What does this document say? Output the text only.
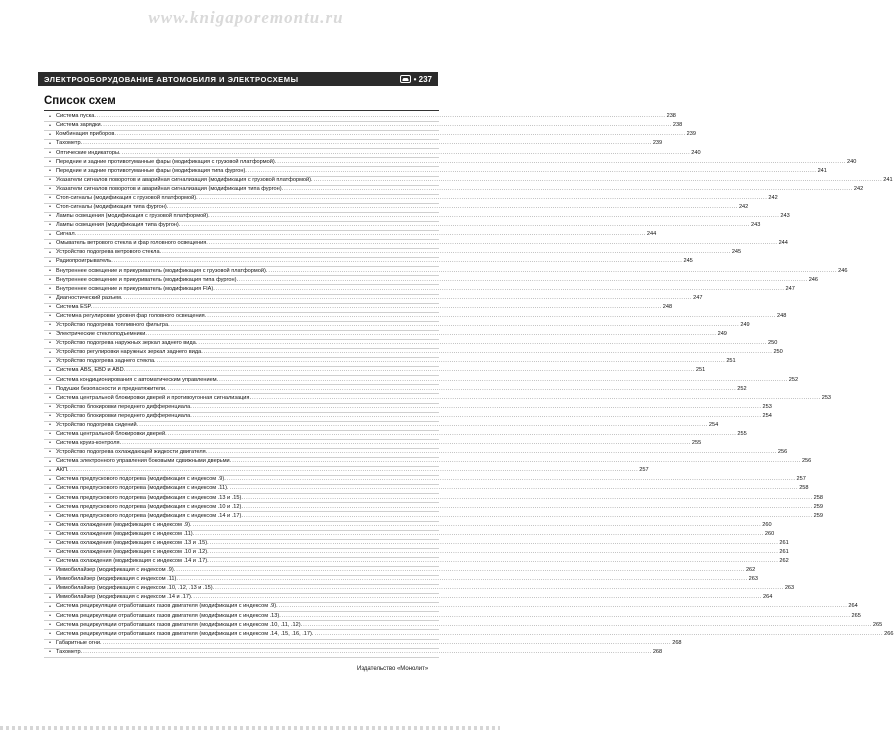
www.knigaporemontu.ru
ЭЛЕКТРООБОРУДОВАНИЕ АВТОМОБИЛЯ И ЭЛЕКТРОСХЕМЫ	• 237
Список схем
• Система пуска. .....	238
• Система зарядки. .....	238
• Комбинация приборов. .....	239
• Тахометр. .....	239
• Оптические индикаторы. .....	240
• Передние и задние противотуманные фары (модификация с грузовой платформой). .....	240
• Передние и задние противотуманные фары (модификация типа фургон). .....	241
• Указатели сигналов поворотов и аварийная сигнализация (модификация с грузовой платформой). .....	241
• Указатели сигналов поворотов и аварийная сигнализация (модификация типа фургон). .....	242
• Стоп-сигналы (модификация с грузовой платформой). .....	242
• Стоп-сигналы (модификация типа фургон). .....	242
• Лампы освещения (модификация с грузовой платформой). .....	243
• Лампы освещения (модификация типа фургон). .....	243
• Сигнал. .....	244
• Омыватель ветрового стекла и фар головного освещения. .....	244
• Устройство подогрева ветрового стекла. .....	245
• Радиопроигрыватель. .....	245
• Внутреннее освещение и прикуриватель (модификация с грузовой платформой). .....	246
• Внутреннее освещение и прикуриватель (модификация типа фургон). .....	246
• Внутреннее освещение и прикуриватель (модификация FIA). .....	247
• Диагностический разъем. .....	247
• Система ESP. .....	248
• Системна регулировки уровня фар головного освещения. .....	248
• Устройство подогрева топливного фильтра. .....	249
• Электрические стеклоподъемники. .....	249
• Устройство подогрева наружных зеркал заднего вида. .....	250
• Устройство регулировки наружных зеркал заднего вида. .....	250
• Устройство подогрева заднего стекла. .....	251
• Система ABS, EBD и ABD. .....	251
• Система кондиционирования с автоматическим управлением. .....	252
• Подушки безопасности и преднатяжители. .....	252
• Система центральной блокировки дверей и противоугонная сигнализация. .....	253
• Устройство блокировки переднего дифференциала. .....	253
• Устройство блокировки переднего дифференциала. .....	254
• Устройство подогрева сидений. .....	254
• Система центральной блокировки дверей. .....	255
• Система круиз-контроля. .....	255
• Устройство подогрева охлаждающей жидкости двигателя. .....	256
• Система электронного управления боковыми сдвижными дверьми. .....	256
• АКП. .....	257
• Система предпускового подогрева (модификация с индексом .9). .....	257
• Система предпускового подогрева (модификация с индексом .11). .....	258
• Система предпускового подогрева (модификация с индексом .13 и .15). .....	258
• Система предпускового подогрева (модификация с индексом .10 и .12). .....	259
• Система предпускового подогрева (модификация с индексом .14 и .17). .....	259
• Система охлаждения (модификация с индексом .9). .....	260
• Система охлаждения (модификация с индексом .11). .....	260
• Система охлаждения (модификация с индексом .13 и .15). .....	261
• Система охлаждения (модификация с индексом .10 и .12). .....	261
• Система охлаждения (модификация с индексом .14 и .17). .....	262
• Иммобилайзер (модификация с индексом .9). .....	262
• Иммобилайзер (модификация с индексом .11). .....	263
• Иммобилайзер (модификация с индексом .10, .12, .13 и .15). .....	263
• Иммобилайзер (модификация с индексом .14 и .17). .....	264
• Система рециркуляции отработавших газов двигателя (модификация с индексом .9). .....	264
• Система рециркуляции отработавших газов двигателя (модификация с индексом .13). .....	265
• Система рециркуляции отработавших газов двигателя (модификация с индексом .10, .11, .12). .....	265
• Система рециркуляции отработавших газов двигателя (модификация с индексом .14, .15, .16, .17). .....	266
• Габаритные огни. .....	268
• Тахометр. .....	268
Издательство «Монолит»
